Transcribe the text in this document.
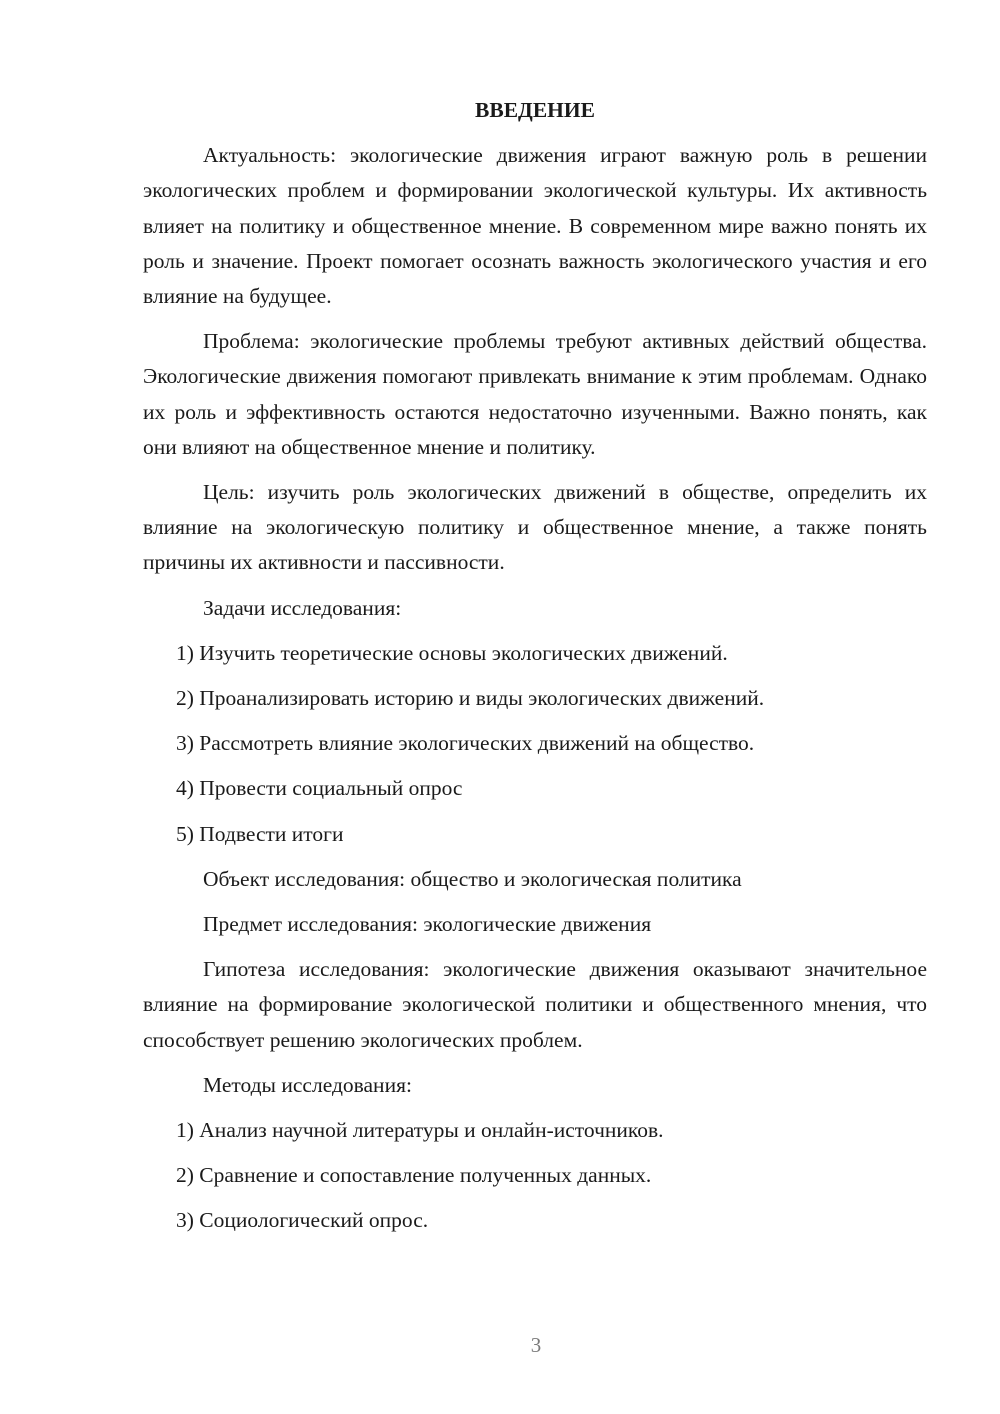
ВВЕДЕНИЕ
Актуальность: экологические движения играют важную роль в решении экологических проблем и формировании экологической культуры. Их активность влияет на политику и общественное мнение. В современном мире важно понять их роль и значение. Проект помогает осознать важность экологического участия и его влияние на будущее.
Проблема: экологические проблемы требуют активных действий общества. Экологические движения помогают привлекать внимание к этим проблемам. Однако их роль и эффективность остаются недостаточно изученными. Важно понять, как они влияют на общественное мнение и политику.
Цель: изучить роль экологических движений в обществе, определить их влияние на экологическую политику и общественное мнение, а также понять причины их активности и пассивности.
Задачи исследования:
1) Изучить теоретические основы экологических движений.
2) Проанализировать историю и виды экологических движений.
3) Рассмотреть влияние экологических движений на общество.
4) Провести социальный опрос
5) Подвести итоги
Объект исследования: общество и экологическая политика
Предмет исследования: экологические движения
Гипотеза исследования: экологические движения оказывают значительное влияние на формирование экологической политики и общественного мнения, что способствует решению экологических проблем.
Методы исследования:
1) Анализ научной литературы и онлайн-источников.
2) Сравнение и сопоставление полученных данных.
3) Социологический опрос.
3
